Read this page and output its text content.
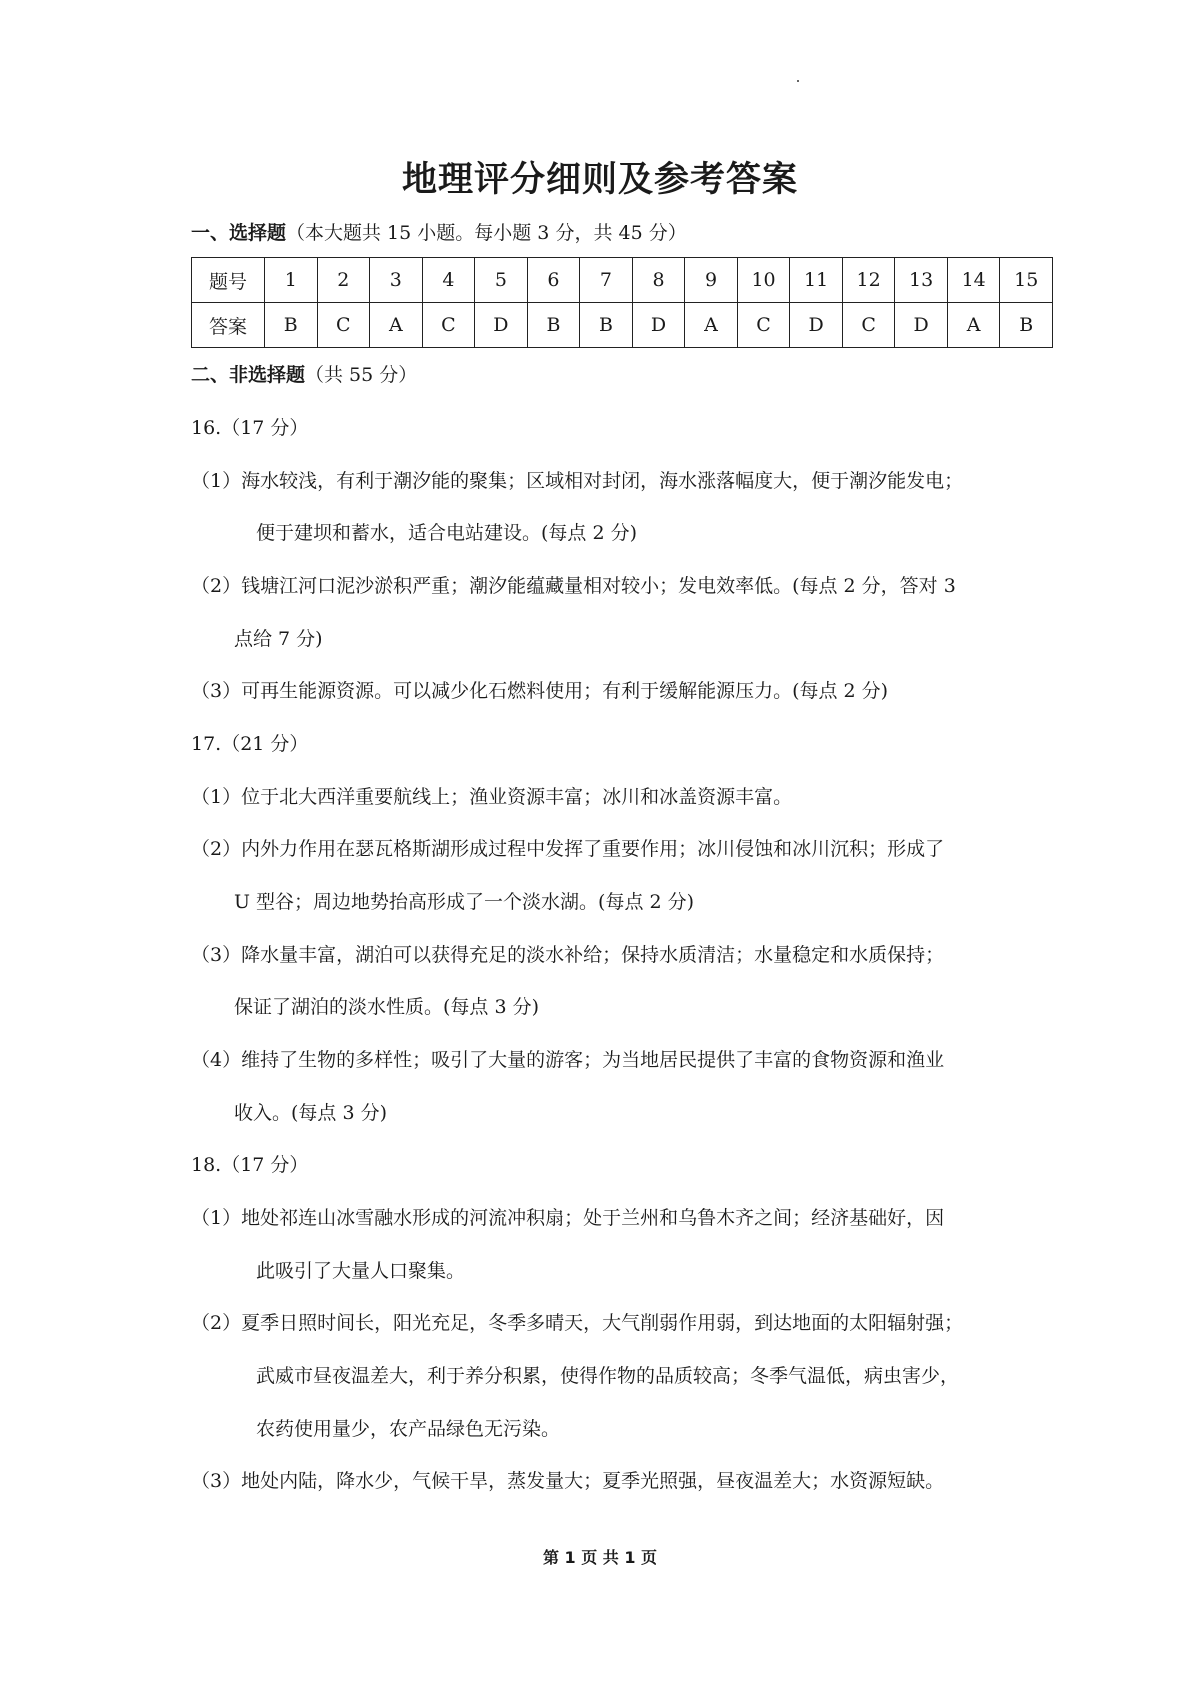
地理评分细则及参考答案
一、选择题（本大题共 15 小题。每小题 3 分，共 45 分）
题号	1	2	3	4	5	6	7	8	9	10	11	12	13	14	15
答案	B	C	A	C	D	B	B	D	A	C	D	C	D	A	B
二、非选择题（共 55 分）
16.（17 分）
（1）海水较浅，有利于潮汐能的聚集；区域相对封闭，海水涨落幅度大，便于潮汐能发电；
便于建坝和蓄水，适合电站建设。(每点 2 分)
（2）钱塘江河口泥沙淤积严重；潮汐能蕴藏量相对较小；发电效率低。(每点 2 分，答对 3
点给 7 分)
（3）可再生能源资源。可以减少化石燃料使用；有利于缓解能源压力。(每点 2 分)
17.（21 分）
（1）位于北大西洋重要航线上；渔业资源丰富；冰川和冰盖资源丰富。
（2）内外力作用在瑟瓦格斯湖形成过程中发挥了重要作用；冰川侵蚀和冰川沉积；形成了
U 型谷；周边地势抬高形成了一个淡水湖。(每点 2 分)
（3）降水量丰富，湖泊可以获得充足的淡水补给；保持水质清洁；水量稳定和水质保持；
保证了湖泊的淡水性质。(每点 3 分)
（4）维持了生物的多样性；吸引了大量的游客；为当地居民提供了丰富的食物资源和渔业
收入。(每点 3 分)
18.（17 分）
（1）地处祁连山冰雪融水形成的河流冲积扇；处于兰州和乌鲁木齐之间；经济基础好，因
此吸引了大量人口聚集。
（2）夏季日照时间长，阳光充足，冬季多晴天，大气削弱作用弱，到达地面的太阳辐射强；
武威市昼夜温差大，利于养分积累，使得作物的品质较高；冬季气温低，病虫害少，
农药使用量少，农产品绿色无污染。
（3）地处内陆，降水少，气候干旱，蒸发量大；夏季光照强，昼夜温差大；水资源短缺。
第 1 页 共 1 页
